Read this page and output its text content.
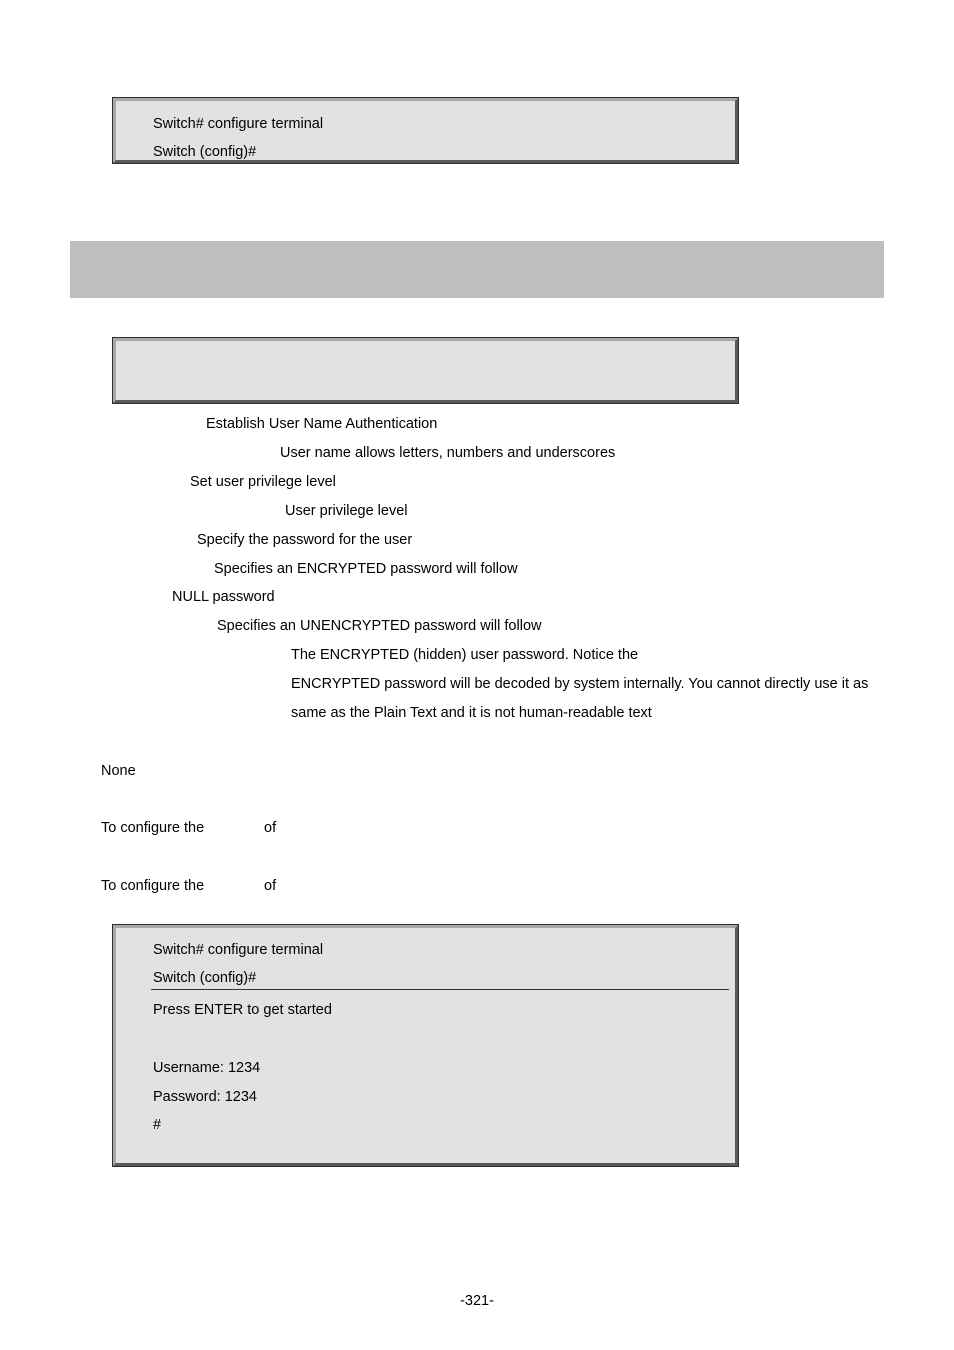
Switch# configure terminal
Switch (config)#
Establish User Name Authentication
User name allows letters, numbers and underscores
Set user privilege level
User privilege level
Specify the password for the user
Specifies an ENCRYPTED password will follow
NULL password
Specifies an UNENCRYPTED password will follow
The ENCRYPTED (hidden) user password. Notice the
ENCRYPTED password will be decoded by system internally. You cannot directly use it as
same as the Plain Text and it is not human-readable text
None
To configure the	of
To configure the	of
Switch# configure terminal
Switch (config)#
Press ENTER to get started
Username: 1234
Password: 1234
#
-321-
